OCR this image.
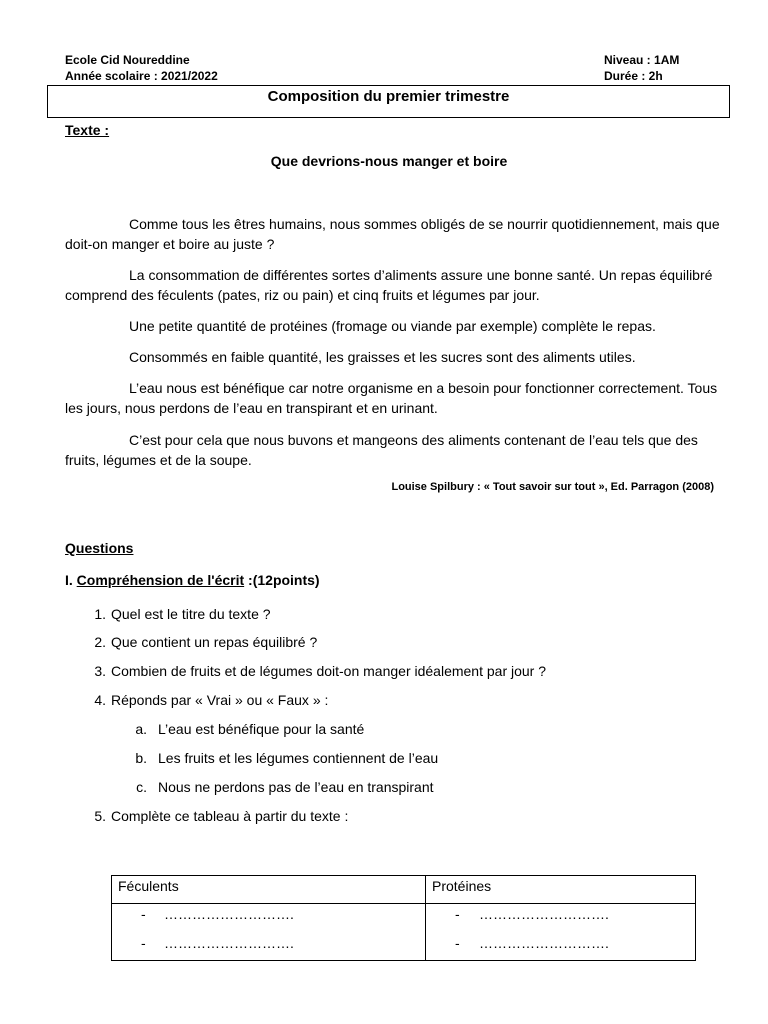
Ecole Cid Noureddine
Année scolaire : 2021/2022
Niveau : 1AM
Durée : 2h
Composition du premier trimestre
Texte :
Que devrions-nous manger et boire
Comme tous les êtres humains, nous sommes obligés de se nourrir quotidiennement, mais que doit-on manger et boire au juste ?
La consommation de différentes sortes d’aliments assure une bonne santé. Un repas équilibré comprend des féculents (pates, riz ou pain) et cinq fruits et légumes par jour.
Une petite quantité de protéines (fromage ou viande par exemple) complète le repas.
Consommés en faible quantité, les graisses et les sucres sont des aliments utiles.
L’eau nous est bénéfique car notre organisme en a besoin pour fonctionner correctement. Tous les jours, nous perdons de l’eau en transpirant et en urinant.
C’est pour cela que nous buvons et mangeons des aliments contenant de l’eau tels que des fruits, légumes et de la soupe.
Louise Spilbury : « Tout savoir sur tout », Ed. Parragon (2008)
Questions
I. Compréhension de l'écrit :(12points)
1. Quel est le titre du texte ?
2. Que contient un repas équilibré ?
3. Combien de fruits et de légumes doit-on manger idéalement par jour ?
4. Réponds par « Vrai » ou « Faux » :
a. L’eau est bénéfique pour la santé
b. Les fruits et les légumes contiennent de l’eau
c. Nous ne perdons pas de l’eau en transpirant
5. Complète ce tableau à partir du texte :
Féculents	Protéines
- ……………………….
- ……………………….
- ……………………….
- ……………………….
